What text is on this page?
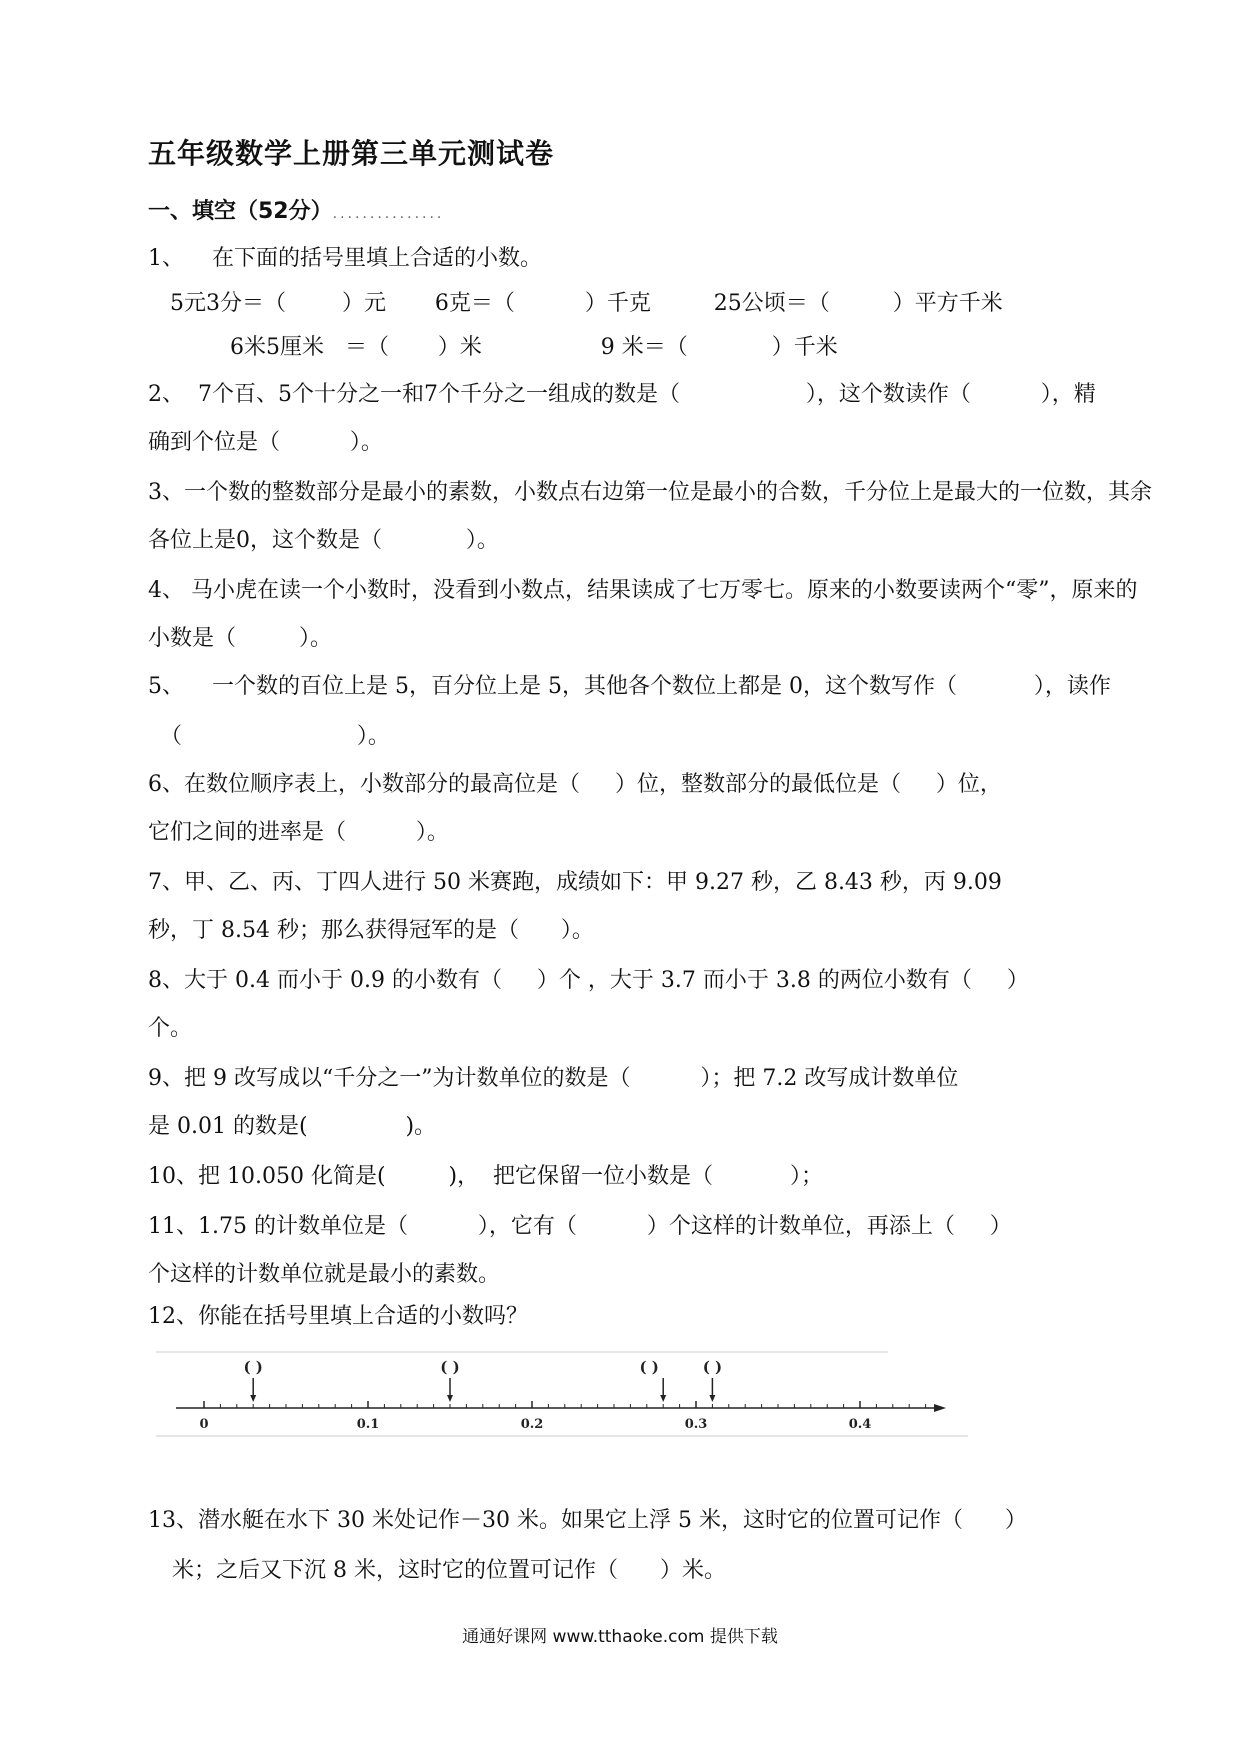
五年级数学上册第三单元测试卷
一、填空（52分）...............
1、    在下面的括号里填上合适的小数。
5元3分＝（        ）元       6克＝（          ）千克         25公顷＝（         ）平方千米
6米5厘米   ＝（       ）米                 9 米＝（            ）千米
2、  7个百、5个十分之一和7个千分之一组成的数是（                  ），这个数读作（          ），精
确到个位是（          ）。
3、一个数的整数部分是最小的素数，小数点右边第一位是最小的合数，千分位上是最大的一位数，其余
各位上是0，这个数是（            ）。
4、 马小虎在读一个小数时，没看到小数点，结果读成了七万零七。原来的小数要读两个“零”，原来的
小数是（         ）。
5、    一个数的百位上是 5，百分位上是 5，其他各个数位上都是 0，这个数写作（           ），读作
（                         ）。
6、在数位顺序表上，小数部分的最高位是（     ）位，整数部分的最低位是（     ）位，
它们之间的进率是（          ）。
7、甲、乙、丙、丁四人进行 50 米赛跑，成绩如下：甲 9.27 秒，乙 8.43 秒，丙 9.09
秒，丁 8.54 秒；那么获得冠军的是（      ）。
8、大于 0.4 而小于 0.9 的小数有（     ）个 ，大于 3.7 而小于 3.8 的两位小数有（     ）
个。
9、把 9 改写成以“千分之一”为计数单位的数是（          ）；把 7.2 改写成计数单位
是 0.01 的数是(              )。
10、把 10.050 化简是(         )，  把它保留一位小数是（           ）；
11、1.75 的计数单位是（          ），它有（          ）个这样的计数单位，再添上（     ）
个这样的计数单位就是最小的素数。
12、你能在括号里填上合适的小数吗？
0	0.1	0.2	0.3	0.4
( )	( )	( )	( )
13、潜水艇在水下 30 米处记作－30 米。如果它上浮 5 米，这时它的位置可记作（      ）
米；之后又下沉 8 米，这时它的位置可记作（      ）米。
通通好课网 www.tthaoke.com 提供下载
